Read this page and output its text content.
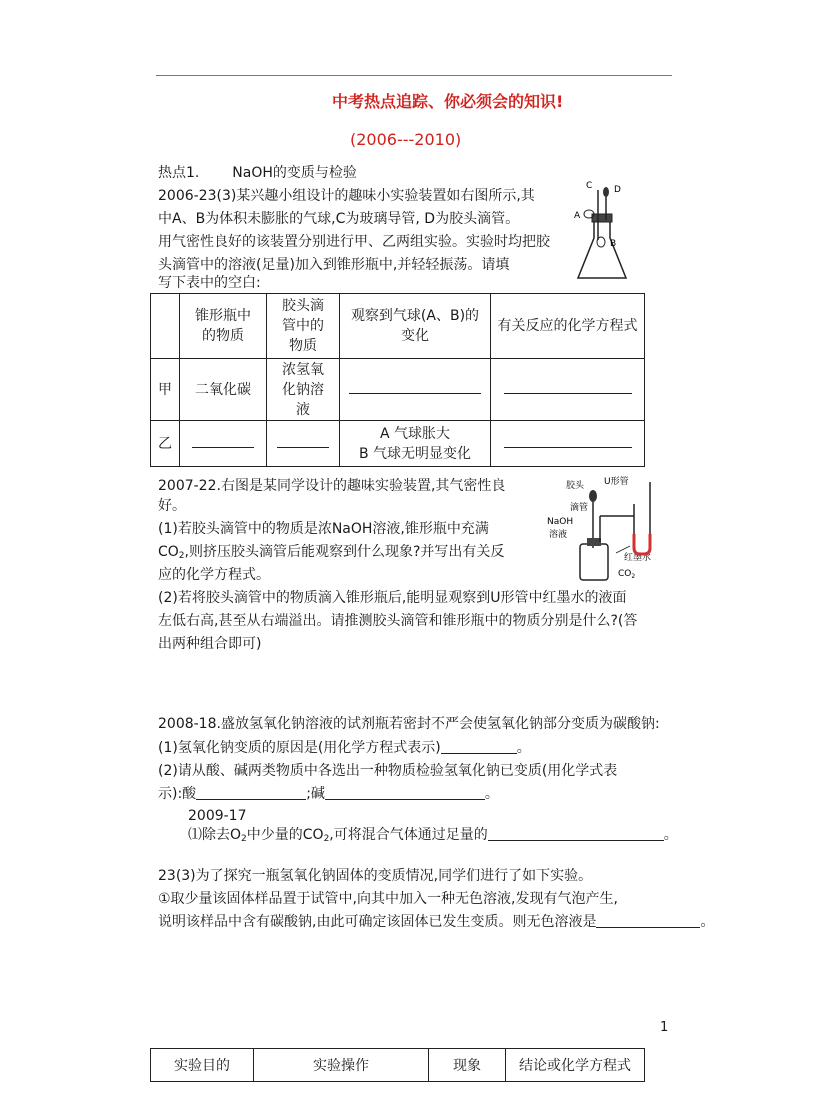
中考热点追踪、你必须会的知识!
(2006---2010)
热点1. NaOH的变质与检验
2006-23(3)某兴趣小组设计的趣味小实验装置如右图所示,其
中A、B为体积未膨胀的气球,C为玻璃导管, D为胶头滴管。
用气密性良好的该装置分别进行甲、乙两组实验。实验时均把胶
头滴管中的溶液(足量)加入到锥形瓶中,并轻轻振荡。请填
写下表中的空白:
C D
A
B

	锥形瓶中的物质	胶头滴管中的物质	观察到气球(A、B)的变化	有关反应的化学方程式

甲	二氧化碳	浓氢氧化钠溶液		

乙			A 气球胀大
B 气球无明显变化	

2007-22.右图是某同学设计的趣味实验装置,其气密性良
好。
(1)若胶头滴管中的物质是浓NaOH溶液,锥形瓶中充满
$CO_2$,则挤压胶头滴管后能观察到什么现象?并写出有关反
应的化学方程式。
(2)若将胶头滴管中的物质滴入锥形瓶后,能明显观察到U形管中红墨水的液面
左低右高,甚至从右端溢出。请推测胶头滴管和锥形瓶中的物质分别是什么?(答
出两种组合即可)
胶头
滴管
NaOH
溶液
U形管
红墨水
$CO_2$
2008-18.盛放氢氧化钠溶液的试剂瓶若密封不严会使氢氧化钠部分变质为碳酸钠:
(1)氢氧化钠变质的原因是(用化学方程式表示)	。
(2)请从酸、碱两类物质中各选出一种物质检验氢氧化钠已变质(用化学式表
示):酸	;碱	。
2009-17
⑴除去$O_2$中少量的$CO_2$,可将混合气体通过足量的	。
23(3)为了探究一瓶氢氧化钠固体的变质情况,同学们进行了如下实验。
①取少量该固体样品置于试管中,向其中加入一种无色溶液,发现有气泡产生,
说明该样品中含有碳酸钠,由此可确定该固体已发生变质。则无色溶液是	。
1
实验目的	实验操作	现象	结论或化学方程式
